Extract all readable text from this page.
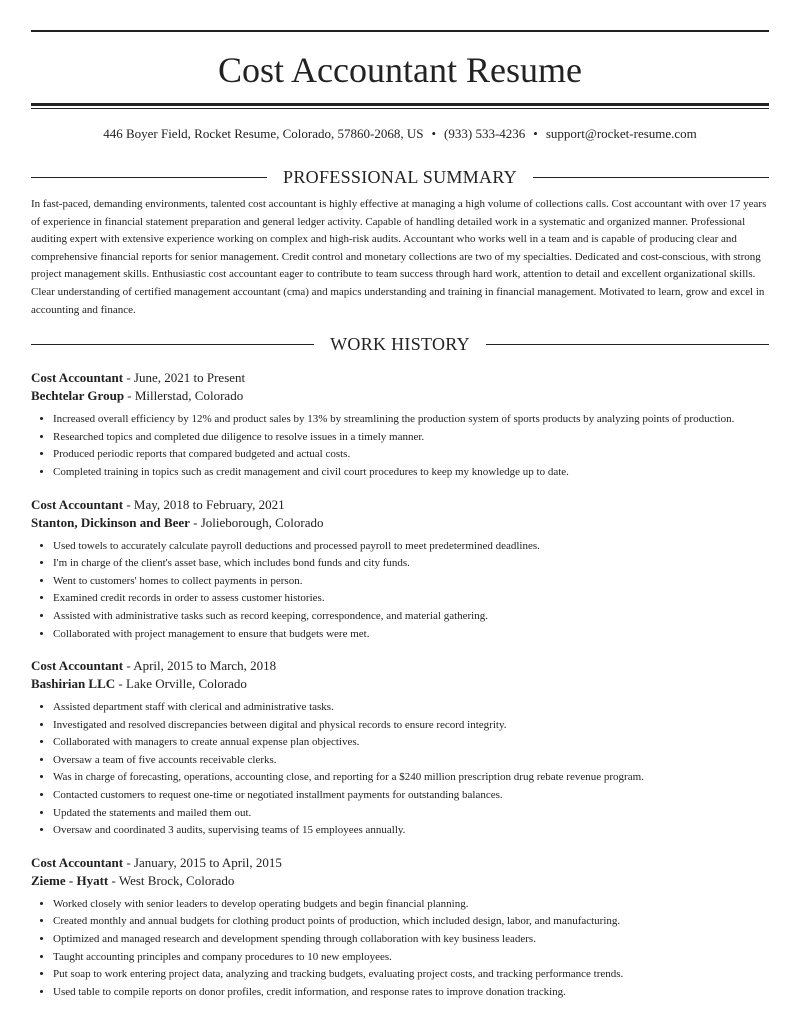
Cost Accountant Resume
446 Boyer Field, Rocket Resume, Colorado, 57860-2068, US • (933) 533-4236 • support@rocket-resume.com
PROFESSIONAL SUMMARY

In fast-paced, demanding environments, talented cost accountant is highly effective at managing a high volume of collections calls. Cost accountant with over 17 years of experience in financial statement preparation and general ledger activity. Capable of handling detailed work in a systematic and organized manner. Professional auditing expert with extensive experience working on complex and high-risk audits. Accountant who works well in a team and is capable of producing clear and comprehensive financial reports for senior management. Credit control and monetary collections are two of my specialties. Dedicated and cost-conscious, with strong project management skills. Enthusiastic cost accountant eager to contribute to team success through hard work, attention to detail and excellent organizational skills. Clear understanding of certified management accountant (cma) and mapics understanding and training in financial management. Motivated to learn, grow and excel in accounting and finance.

WORK HISTORY
Cost Accountant - June, 2021 to Present
Bechtelar Group - Millerstad, Colorado
• Increased overall efficiency by 12% and product sales by 13% by streamlining the production system of sports products by analyzing points of production.
• Researched topics and completed due diligence to resolve issues in a timely manner.
• Produced periodic reports that compared budgeted and actual costs.
• Completed training in topics such as credit management and civil court procedures to keep my knowledge up to date.
Cost Accountant - May, 2018 to February, 2021
Stanton, Dickinson and Beer - Jolieborough, Colorado
• Used towels to accurately calculate payroll deductions and processed payroll to meet predetermined deadlines.
• I'm in charge of the client's asset base, which includes bond funds and city funds.
• Went to customers' homes to collect payments in person.
• Examined credit records in order to assess customer histories.
• Assisted with administrative tasks such as record keeping, correspondence, and material gathering.
• Collaborated with project management to ensure that budgets were met.
Cost Accountant - April, 2015 to March, 2018
Bashirian LLC - Lake Orville, Colorado
• Assisted department staff with clerical and administrative tasks.
• Investigated and resolved discrepancies between digital and physical records to ensure record integrity.
• Collaborated with managers to create annual expense plan objectives.
• Oversaw a team of five accounts receivable clerks.
• Was in charge of forecasting, operations, accounting close, and reporting for a $240 million prescription drug rebate revenue program.
• Contacted customers to request one-time or negotiated installment payments for outstanding balances.
• Updated the statements and mailed them out.
• Oversaw and coordinated 3 audits, supervising teams of 15 employees annually.
Cost Accountant - January, 2015 to April, 2015
Zieme - Hyatt - West Brock, Colorado
• Worked closely with senior leaders to develop operating budgets and begin financial planning.
• Created monthly and annual budgets for clothing product points of production, which included design, labor, and manufacturing.
• Optimized and managed research and development spending through collaboration with key business leaders.
• Taught accounting principles and company procedures to 10 new employees.
• Put soap to work entering project data, analyzing and tracking budgets, evaluating project costs, and tracking performance trends.
• Used table to compile reports on donor profiles, credit information, and response rates to improve donation tracking.
